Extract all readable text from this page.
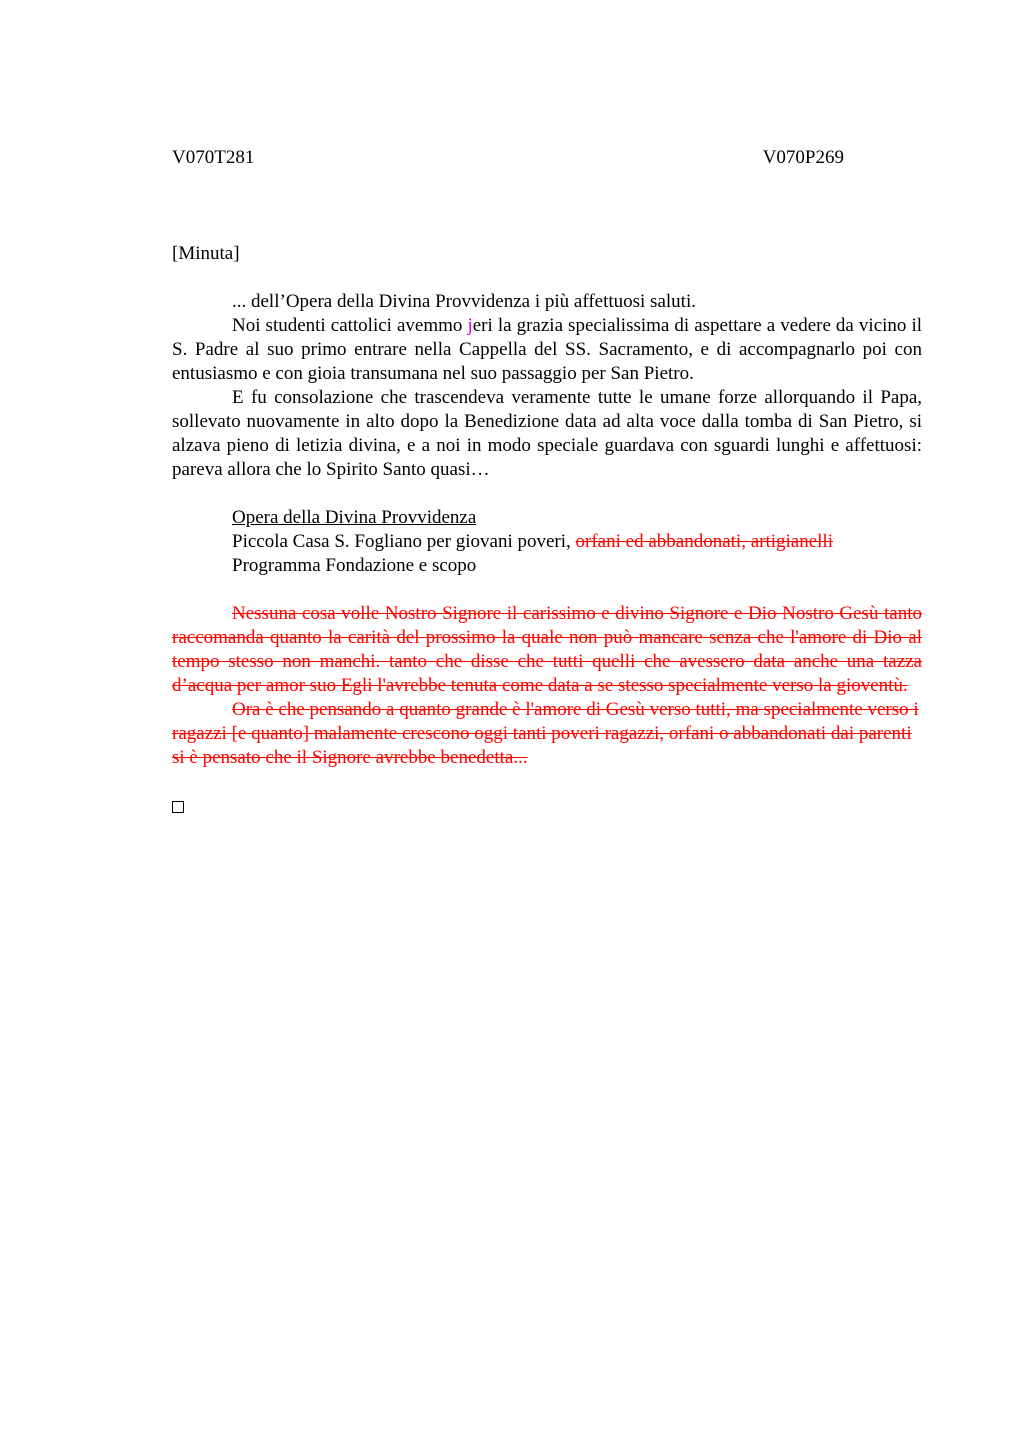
V070T281	V070P269
[Minuta]

... dell’Opera della Divina Provvidenza i più affettuosi saluti.

Noi studenti cattolici avemmo jeri la grazia specialissima di aspettare a vedere da vicino il S. Padre al suo primo entrare nella Cappella del SS. Sacramento, e di accompagnarlo poi con entusiasmo e con gioia transumana nel suo passaggio per San Pietro.

E fu consolazione che trascendeva veramente tutte le umane forze allorquando il Papa, sollevato nuovamente in alto dopo la Benedizione data ad alta voce dalla tomba di San Pietro, si alzava pieno di letizia divina, e a noi in modo speciale guardava con sguardi lunghi e affettuosi: pareva allora che lo Spirito Santo quasi…

Opera della Divina Provvidenza

Piccola Casa S. Fogliano per giovani poveri, orfani ed abbandonati, artigianelli

Programma Fondazione e scopo

Nessuna cosa volle Nostro Signore il carissimo e divino Signore e Dio Nostro Gesù tanto raccomanda quanto la carità del prossimo la quale non può mancare senza che l'amore di Dio al tempo stesso non manchi. tanto che disse che tutti quelli che avessero data anche una tazza d’acqua per amor suo Egli l'avrebbe tenuta come data a se stesso specialmente verso la gioventù.

Ora è che pensando a quanto grande è l'amore di Gesù verso tutti, ma specialmente verso i ragazzi [e quanto] malamente crescono oggi tanti poveri ragazzi, orfani o abbandonati dai parenti si è pensato che il Signore avrebbe benedetta...
